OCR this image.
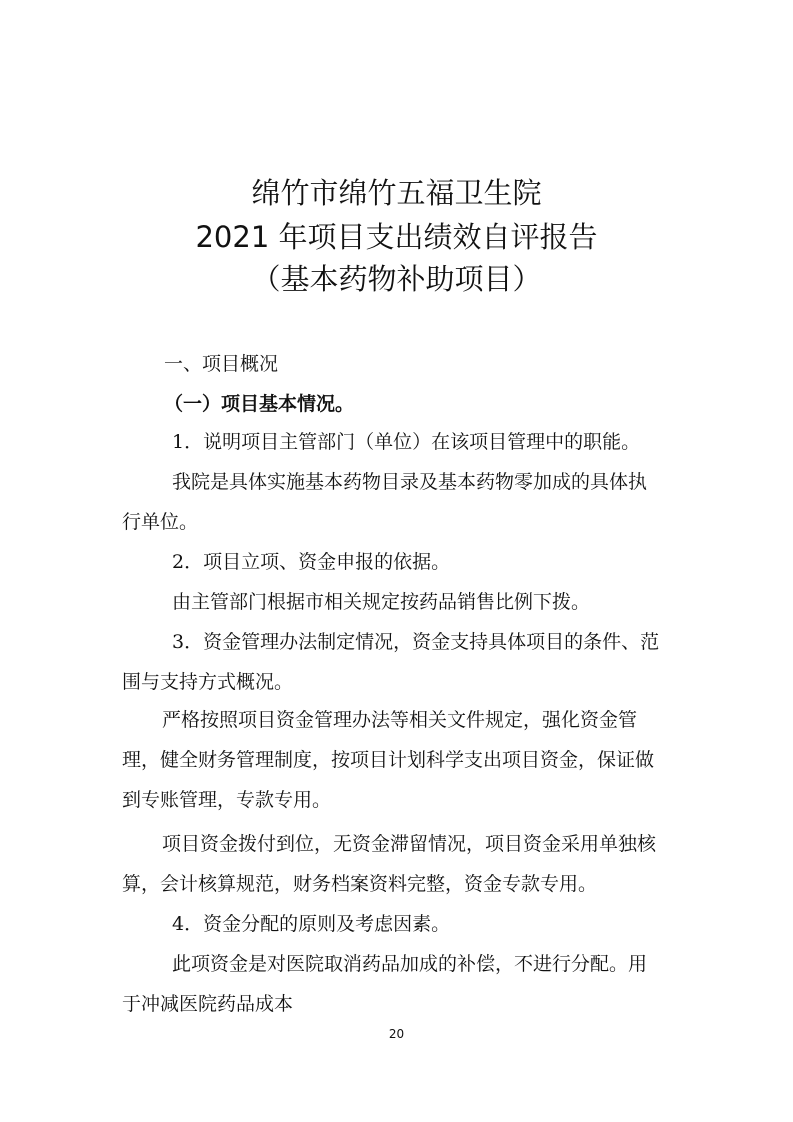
绵竹市绵竹五福卫生院
2021 年项目支出绩效自评报告
（基本药物补助项目）
一、项目概况
（一）项目基本情况。
1．说明项目主管部门（单位）在该项目管理中的职能。
我院是具体实施基本药物目录及基本药物零加成的具体执
行单位。
2．项目立项、资金申报的依据。
由主管部门根据市相关规定按药品销售比例下拨。
3．资金管理办法制定情况，资金支持具体项目的条件、范
围与支持方式概况。
严格按照项目资金管理办法等相关文件规定，强化资金管
理，健全财务管理制度，按项目计划科学支出项目资金，保证做
到专账管理，专款专用。
项目资金拨付到位，无资金滞留情况，项目资金采用单独核
算，会计核算规范，财务档案资料完整，资金专款专用。
4．资金分配的原则及考虑因素。
此项资金是对医院取消药品加成的补偿，不进行分配。用
于冲减医院药品成本
20
